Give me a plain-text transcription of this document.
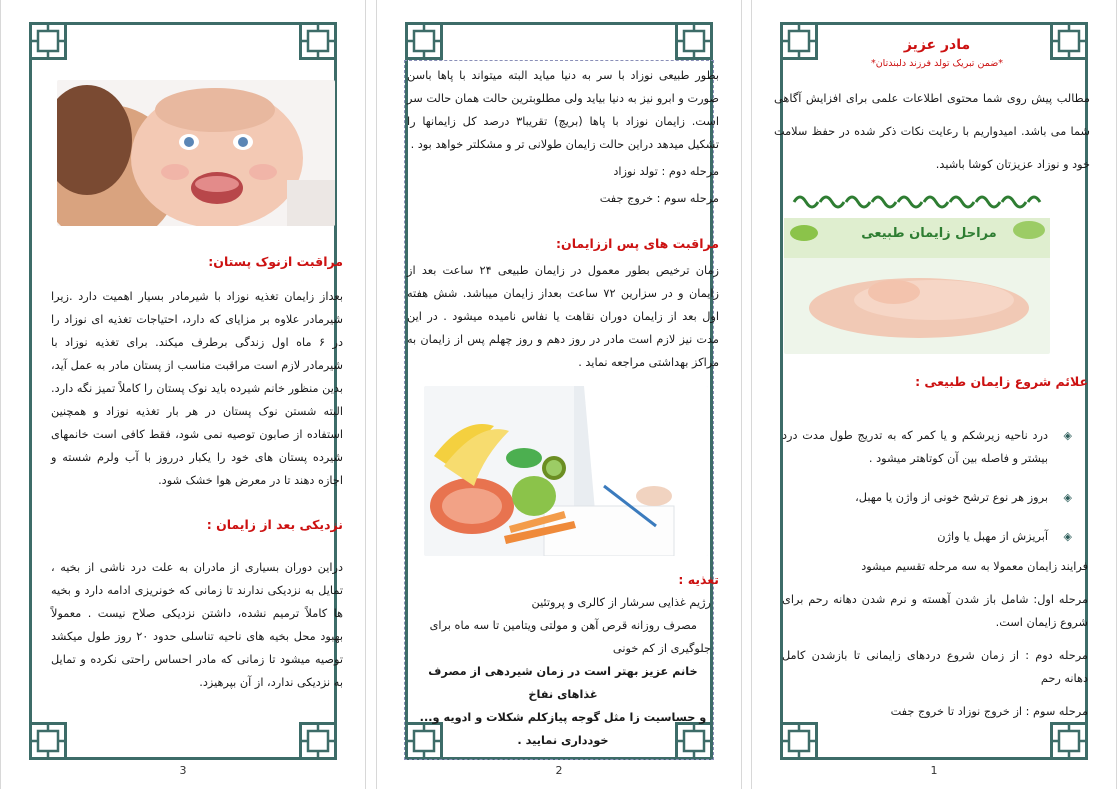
مراقبت ازنوک پستان:

بعداز زایمان تغذیه نوزاد با شیرمادر بسیار اهمیت دارد .زیرا شیرمادر علاوه بر مزایای که دارد، احتیاجات تغذیه ای نوزاد را در ۶ ماه اول زندگی برطرف میکند. برای تغذیه نوزاد با شیرمادر لازم است مراقبت مناسب از پستان مادر به عمل آید، بدین منظور خانم شیرده باید نوک پستان را کاملاً تمیز نگه دارد. البته شستن نوک پستان در هر بار تغذیه نوزاد و همچنین استفاده از صابون توصیه نمی شود، فقط کافی است خانمهای شیرده پستان های خود را یکبار درروز با آب ولرم شسته و اجازه دهند تا در معرض هوا خشک شود.

نزدیکی بعد از زایمان :

دراین دوران بسیاری از مادران به علت درد ناشی از بخیه ، تمایل به نزدیکی ندارند تا زمانی که خونریزی ادامه دارد و بخیه ها کاملاً ترمیم نشده، داشتن نزدیکی صلاح نیست . معمولاً بهبود محل بخیه های ناحیه تناسلی حدود ۲۰ روز طول میکشد توصیه میشود تا زمانی که مادر احساس راحتی نکرده و تمایل به نزدیکی ندارد، از آن بپرهیزد.

3

بطور طبیعی نوزاد با سر به دنیا میاید البته میتواند با پاها باسن صورت و ابرو نیز به دنیا بیاید ولی مطلوبترین حالت همان حالت سر است. زایمان نوزاد با پاها (بریچ) تقریبا۳ درصد کل زایمانها را تشکیل میدهد دراین حالت زایمان طولانی تر و مشکلتر خواهد بود .

مرحله دوم : تولد نوزاد

مرحله سوم : خروج جفت

مراقبت های پس اززایمان:

زمان ترخیص بطور معمول در زایمان طبیعی ۲۴ ساعت بعد از زایمان و در سزارین ۷۲ ساعت بعداز زایمان میباشد. شش هفته اول بعد از زایمان دوران نقاهت یا نفاس نامیده میشود . در این مدت نیز لازم است مادر در روز دهم و روز چهلم پس از زایمان به مراکز بهداشتی مراجعه نماید .

تغذیه :

رژیم غذایی سرشار از کالری و پروتئین

مصرف روزانه قرص آهن و مولتی ویتامین تا سه ماه برای

جلوگیری از کم خونی

خانم عزیز بهتر است در زمان شیردهی از مصرف غذاهای نفاخ

و حساسیت زا مثل گوجه پیازکلم شکلات و ادویه و...

خودداری نمایید .

2

مادر عزیز

*ضمن تبریک تولد فرزند دلبندتان*

مطالب پیش روی شما محتوی اطلاعات علمی برای افزایش آگاهی شما می باشد. امیدواریم با رعایت نکات ذکر شده در حفظ سلامت خود و نوزاد عزیزتان کوشا باشید.
مراحل زایمان طبیعی

علائم شروع زایمان طبیعی :

◈
درد ناحیه زیرشکم و یا کمر که به تدریج طول مدت درد بیشتر و فاصله بین آن کوتاهتر میشود .
◈
بروز هر نوع ترشح خونی از واژن یا مهبل،
◈
آبریزش از مهبل یا واژن

فرایند زایمان معمولا به سه مرحله تقسیم میشود

مرحله اول: شامل باز شدن آهسته و نرم شدن دهانه رحم برای شروع زایمان است.

مرحله دوم : از زمان شروع دردهای زایمانی تا بازشدن کامل دهانه رحم

مرحله سوم : از خروج نوزاد تا خروج جفت

1
